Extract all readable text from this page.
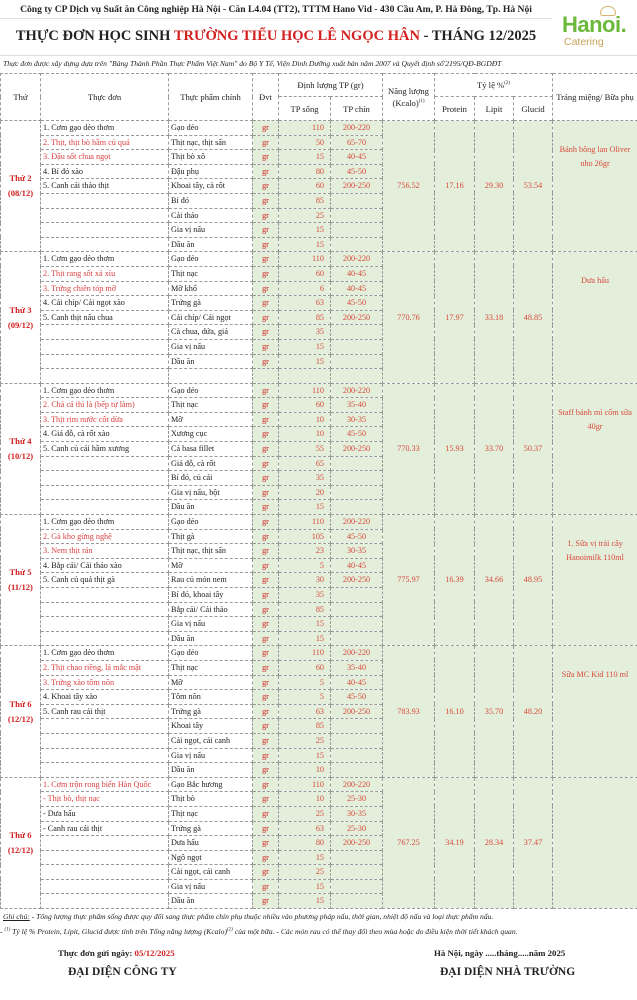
Công ty CP Dịch vụ Suất ăn Công nghiệp Hà Nội - Căn L4.04 (TT2), TTTM Hano Vid - 430 Cầu Am, P. Hà Đông, Tp. Hà Nội
THỰC ĐƠN HỌC SINH TRƯỜNG TIỂU HỌC LÊ NGỌC HÂN - THÁNG 12/2025	Hanoi.
Catering
Thực đơn được xây dựng dựa trên "Bảng Thành Phần Thực Phẩm Việt Nam" do Bộ Y Tế, Viện Dinh Dưỡng xuất bản năm 2007 và Quyết định số'2195/QĐ-BGDĐT
Thứ	Thực đơn	Thực phẩm chính	Đvt	Định lượng TP (gr)		Năng lượng (Kcalo)$^{(1)}$	Tỷ lệ %$^{(2)}$			Tráng miệng/ Bữa phụ
				TP sống	TP chín		Protein	Lipit	Glucid	

Thứ 2
(08/12)	1. Cơm gạo dẻo thơm	Gạo dẻo	gr	110	200-220	756.52	17.16	29.30	53.54	Bánh bông lan Oliver nho 26gr
	2. Thịt, thịt bò hầm củ quả	Thịt nạc, thịt sấn	gr	50	65-70					
	3. Đậu sốt chua ngọt	Thịt bò xô	gr	15	40-45					
	4. Bí đỏ xào	Đậu phụ	gr	80	45-50					
	5. Canh cải thảo thịt	Khoai tây, cà rốt	gr	60	200-250					
		Bí đỏ	gr	85						
		Cải thảo	gr	25						
		Gia vị nấu	gr	15						
		Dầu ăn	gr	15						

Thứ 3
(09/12)	1. Cơm gạo dẻo thơm	Gạo dẻo	gr	110	200-220	770.76	17.97	33.18	48.85	Dưa hấu
	2. Thịt rang sốt xá xíu	Thịt nạc	gr	60	40-45					
	3. Trứng chiên tóp mỡ	Mỡ khổ	gr	6	40-45					
	4. Cải chíp/ Cải ngọt xào	Trứng gà	gr	63	45-50					
	5. Canh thịt nấu chua	Cải chíp/ Cải ngọt	gr	85	200-250					
		Cà chua, dứa, giá	gr	35						
		Gia vị nấu	gr	15						
		Dầu ăn	gr	15						

Thứ 4
(10/12)	1. Cơm gạo dẻo thơm	Gạo dẻo	gr	110	200-220	770.33	15.93	33.70	50.37	Staff bánh mì cốm sữa 40gr
	2. Chả cá thì là (bếp tự làm)	Thịt nạc	gr	60	35-40					
	3. Thịt rim nước cốt dừa	Mỡ	gr	10	30-35					
	4. Giá đỗ, cà rốt xào	Xương cục	gr	10	45-50					
	5. Canh củ cải hầm xương	Cá basa fillet	gr	55	200-250					
		Giá đỗ, cà rốt	gr	65						
		Bí đỏ, củ cải	gr	35						
		Gia vị nấu, bột	gr	20						
		Dầu ăn	gr	15						

Thứ 5
(11/12)	1. Cơm gạo dẻo thơm	Gạo dẻo	gr	110	200-220	775.97	16.39	34.66	48.95	1. Sữa vị trái cây Hanoimilk 110ml
	2. Gà kho gừng nghệ	Thịt gà	gr	105	45-50					
	3. Nem thịt rán	Thịt nạc, thịt sấn	gr	23	30-35					
	4. Bắp cải/ Cải thảo xào	Mỡ	gr	5	40-45					
	5. Canh củ quả thịt gà	Rau củ món nem	gr	30	200-250					
		Bí đỏ, khoai tây	gr	35						
		Bắp cải/ Cải thảo	gr	85						
		Gia vị nấu	gr	15						
		Dầu ăn	gr	15						

Thứ 6
(12/12)	1. Cơm gạo dẻo thơm	Gạo dẻo	gr	110	200-220	783.93	16.10	35.70	48.20	Sữa MC Kid 110 ml
	2. Thịt chao riềng, lá mắc mật	Thịt nạc	gr	60	35-40					
	3. Trứng xào tôm nõn	Mỡ	gr	5	40-45					
	4. Khoai tây xào	Tôm nõn	gr	5	45-50					
	5. Canh rau cải thịt	Trứng gà	gr	63	200-250					
		Khoai tây	gr	85						
		Cải ngọt, cải canh	gr	25						
		Gia vị nấu	gr	15						
		Dầu ăn	gr	10						

Thứ 6
(12/12)	1. Cơm trộn rong biển Hàn Quốc	Gạo Bắc hương	gr	110	200-220	767.25	34.19	28.34	37.47	
	- Thịt bò, thịt nạc	Thịt bò	gr	10	25-30					
	- Dưa hấu	Thịt nạc	gr	25	30-35					
	- Canh rau cải thịt	Trứng gà	gr	63	25-30					
		Dưa hấu	gr	80	200-250					
		Ngô ngọt	gr	15						
		Cải ngọt, cải canh	gr	25						
		Gia vị nấu	gr	15						
		Dầu ăn	gr	15						
Ghi chú: - Tổng lượng thực phẩm sống được quy đổi sang thực phẩm chín phụ thuộc nhiều vào phương pháp nấu, thời gian, nhiệt độ nấu và loại thực phẩm nấu.
- $^{(1)}$ Tỷ lệ % Protein, Lipit, Glucid được tính trên Tổng năng lượng (Kcalo)$^{(2)}$ của một bữa. - Các món rau có thể thay đổi theo mùa hoặc do điều kiện thời tiết khách quan.
Thực đơn gửi ngày: 05/12/2025	Hà Nội, ngày .....tháng.....năm 2025
ĐẠI DIỆN CÔNG TY	ĐẠI DIỆN NHÀ TRƯỜNG
